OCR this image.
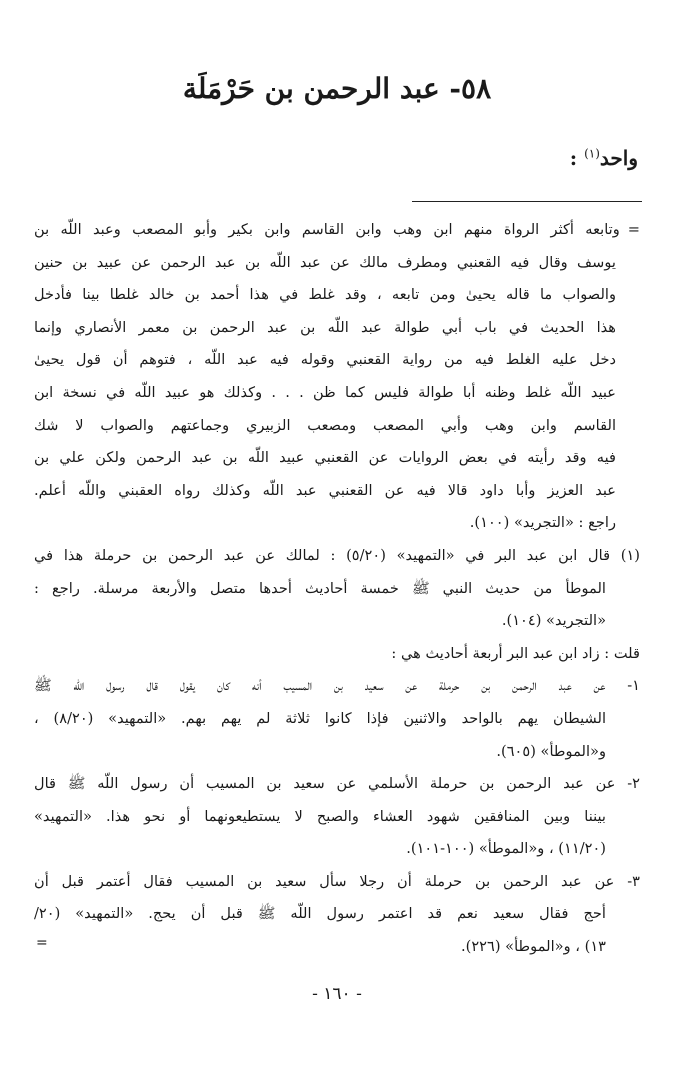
٥٨- عبد الرحمن بن حَرْمَلَة
واحد$^{(١)}$ :
=وتابعه أكثر الرواة منهم ابن وهب وابن القاسم وابن بكير وأبو المصعب وعبد اللّه بن
يوسف وقال فيه القعنبي ومطرف مالك عن عبد اللّه بن عبد الرحمن عن عبيد بن حنين
والصواب ما قاله يحيىٰ ومن تابعه ، وقد غلط في هذا أحمد بن خالد غلطا بينا فأدخل
هذا الحديث في باب أبي طوالة عبد اللّه بن عبد الرحمن بن معمر الأنصاري وإنما
دخل عليه الغلط فيه من رواية القعنبي وقوله فيه عبد اللّه ، فتوهم أن قول يحيىٰ
عبيد اللّه غلط وظنه أبا طوالة فليس كما ظن . . . وكذلك هو عبيد اللّه في نسخة ابن
القاسم وابن وهب وأبي المصعب ومصعب الزبيري وجماعتهم والصواب لا شك
فيه وقد رأيته في بعض الروايات عن القعنبي عبيد اللّه بن عبد الرحمن ولكن علي بن
عبد العزيز وأبا داود قالا فيه عن القعنبي عبد اللّه وكذلك رواه العقبني واللّه أعلم.
راجع : «التجريد» (١٠٠).
(١) قال ابن عبد البر في «التمهيد» (٥/٢٠) : لمالك عن عبد الرحمن بن حرملة هذا في
الموطأ من حديث النبي ﷺ خمسة أحاديث أحدها متصل والأربعة مرسلة. راجع :
«التجريد» (١٠٤).
قلت : زاد ابن عبد البر أربعة أحاديث هي :
١- عن عبد الرحمن بن حرملة عن سعيد بن المسيب أنه كان يقول قال رسول اللّه ﷺ
الشيطان يهم بالواحد والاثنين فإذا كانوا ثلاثة لم يهم بهم. «التمهيد» (٨/٢٠) ،
و«الموطأ» (٦٠٥).
٢- عن عبد الرحمن بن حرملة الأسلمي عن سعيد بن المسيب أن رسول اللّه ﷺ قال
بيننا وبين المنافقين شهود العشاء والصبح لا يستطيعونهما أو نحو هذا. «التمهيد»
(١١/٢٠) ، و«الموطأ» (١٠٠-١٠١).
٣- عن عبد الرحمن بن حرملة أن رجلا سأل سعيد بن المسيب فقال أعتمر قبل أن
أحج فقال سعيد نعم قد اعتمر رسول اللّه ﷺ قبل أن يحج. «التمهيد» (٢٠/
١٣) ، و«الموطأ» (٢٢٦).
=
- ١٦٠ -
